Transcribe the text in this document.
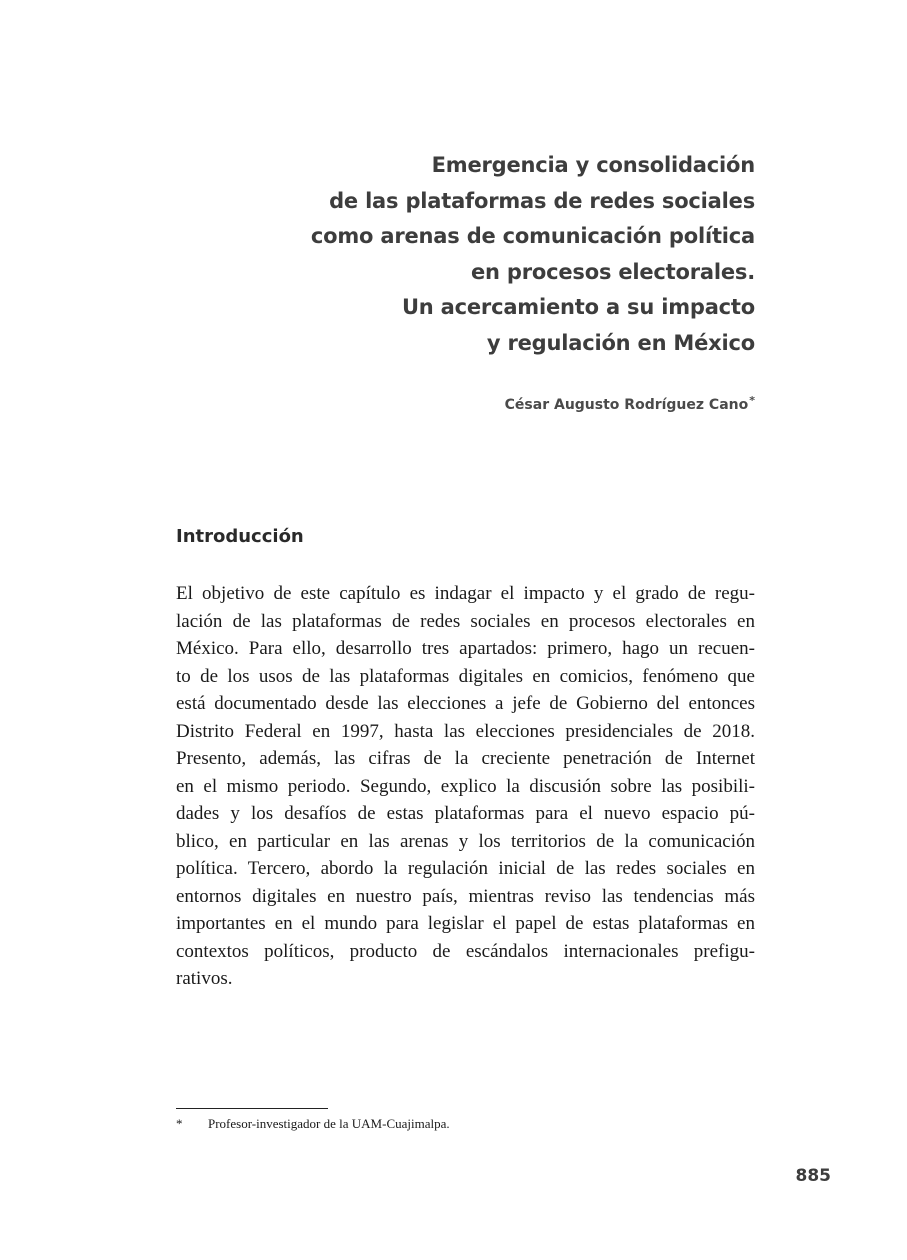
Emergencia y consolidación
de las plataformas de redes sociales
como arenas de comunicación política
en procesos electorales.
Un acercamiento a su impacto
y regulación en México
César Augusto Rodríguez Cano*
Introducción
El objetivo de este capítulo es indagar el impacto y el grado de regu-
lación de las plataformas de redes sociales en procesos electorales en
México. Para ello, desarrollo tres apartados: primero, hago un recuen-
to de los usos de las plataformas digitales en comicios, fenómeno que
está documentado desde las elecciones a jefe de Gobierno del entonces
Distrito Federal en 1997, hasta las elecciones presidenciales de 2018.
Presento, además, las cifras de la creciente penetración de Internet
en el mismo periodo. Segundo, explico la discusión sobre las posibili-
dades y los desafíos de estas plataformas para el nuevo espacio pú-
blico, en particular en las arenas y los territorios de la comunicación
política. Tercero, abordo la regulación inicial de las redes sociales en
entornos digitales en nuestro país, mientras reviso las tendencias más
importantes en el mundo para legislar el papel de estas plataformas en
contextos políticos, producto de escándalos internacionales prefigu-
rativos.
* Profesor-investigador de la UAM-Cuajimalpa.
885
